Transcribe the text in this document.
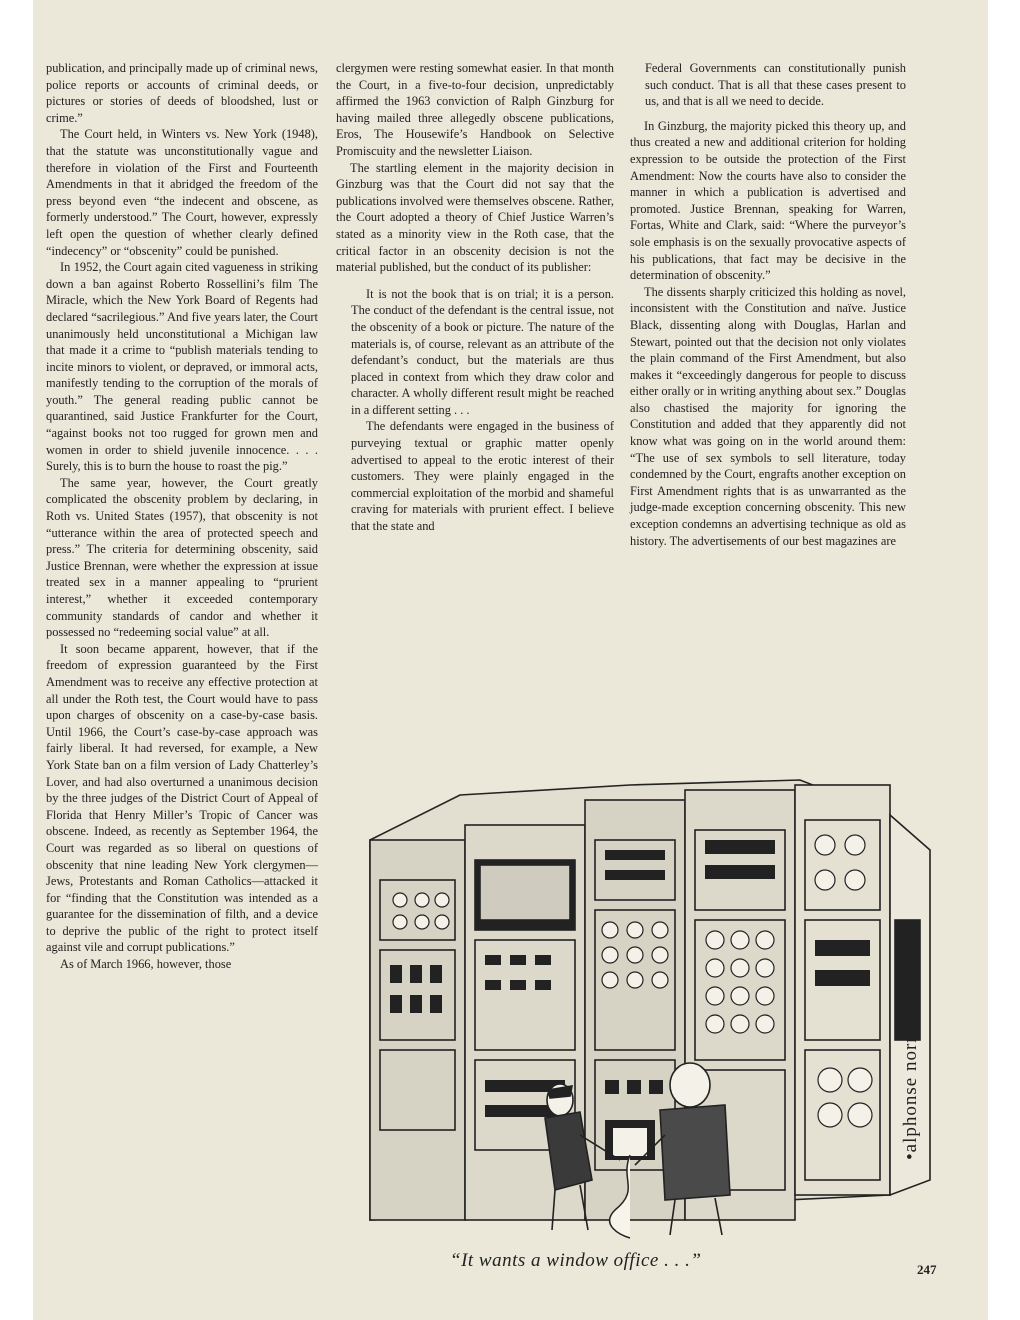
publication, and principally made up of criminal news, police reports or accounts of criminal deeds, or pictures or stories of deeds of bloodshed, lust or crime.”

The Court held, in Winters vs. New York (1948), that the statute was unconstitutionally vague and therefore in violation of the First and Fourteenth Amendments in that it abridged the freedom of the press beyond even “the indecent and obscene, as formerly understood.” The Court, however, expressly left open the question of whether clearly defined “indecency” or “obscenity” could be punished.

In 1952, the Court again cited vagueness in striking down a ban against Roberto Rossellini’s film The Miracle, which the New York Board of Regents had declared “sacrilegious.” And five years later, the Court unanimously held unconstitutional a Michigan law that made it a crime to “publish materials tending to incite minors to violent, or depraved, or immoral acts, manifestly tending to the corruption of the morals of youth.” The general reading public cannot be quarantined, said Justice Frankfurter for the Court, “against books not too rugged for grown men and women in order to shield juvenile innocence. . . . Surely, this is to burn the house to roast the pig.”

The same year, however, the Court greatly complicated the obscenity problem by declaring, in Roth vs. United States (1957), that obscenity is not “utterance within the area of protected speech and press.” The criteria for determining obscenity, said Justice Brennan, were whether the expression at issue treated sex in a manner appealing to “prurient interest,” whether it exceeded contemporary community standards of candor and whether it possessed no “redeeming social value” at all.

It soon became apparent, however, that if the freedom of expression guaranteed by the First Amendment was to receive any effective protection at all under the Roth test, the Court would have to pass upon charges of obscenity on a case-by-case basis. Until 1966, the Court’s case-by-case approach was fairly liberal. It had reversed, for example, a New York State ban on a film version of Lady Chatterley’s Lover, and had also overturned a unanimous decision by the three judges of the District Court of Appeal of Florida that Henry Miller’s Tropic of Cancer was obscene. Indeed, as recently as September 1964, the Court was regarded as so liberal on questions of obscenity that nine leading New York clergymen—Jews, Protestants and Roman Catholics—attacked it for “finding that the Constitution was intended as a guarantee for the dissemination of filth, and a device to deprive the public of the right to protect itself against vile and corrupt publications.”

As of March 1966, however, those

clergymen were resting somewhat easier. In that month the Court, in a five-to-four decision, unpredictably affirmed the 1963 conviction of Ralph Ginzburg for having mailed three allegedly obscene publications, Eros, The Housewife’s Handbook on Selective Promiscuity and the newsletter Liaison.

The startling element in the majority decision in Ginzburg was that the Court did not say that the publications involved were themselves obscene. Rather, the Court adopted a theory of Chief Justice Warren’s stated as a minority view in the Roth case, that the critical factor in an obscenity decision is not the material published, but the conduct of its publisher:

It is not the book that is on trial; it is a person. The conduct of the defendant is the central issue, not the obscenity of a book or picture. The nature of the materials is, of course, relevant as an attribute of the defendant’s conduct, but the materials are thus placed in context from which they draw color and character. A wholly different result might be reached in a different setting . . .

The defendants were engaged in the business of purveying textual or graphic matter openly advertised to appeal to the erotic interest of their customers. They were plainly engaged in the commercial exploitation of the morbid and shameful craving for materials with prurient effect. I believe that the state and

Federal Governments can constitutionally punish such conduct. That is all that these cases present to us, and that is all we need to decide.

In Ginzburg, the majority picked this theory up, and thus created a new and additional criterion for holding expression to be outside the protection of the First Amendment: Now the courts have also to consider the manner in which a publication is advertised and promoted. Justice Brennan, speaking for Warren, Fortas, White and Clark, said: “Where the purveyor’s sole emphasis is on the sexually provocative aspects of his publications, that fact may be decisive in the determination of obscenity.”

The dissents sharply criticized this holding as novel, inconsistent with the Constitution and naïve. Justice Black, dissenting along with Douglas, Harlan and Stewart, pointed out that the decision not only violates the plain command of the First Amendment, but also makes it “exceedingly dangerous for people to discuss either orally or in writing anything about sex.” Douglas also chastised the majority for ignoring the Constitution and added that they apparently did not know what was going on in the world around them: “The use of sex symbols to sell literature, today condemned by the Court, engrafts another exception on First Amendment rights that is as unwarranted as the judge-made exception concerning obscenity. This new exception condemns an advertising technique as old as history. The advertisements of our best magazines are

•alphonse normandia•
“It wants a window office . . .”	247
